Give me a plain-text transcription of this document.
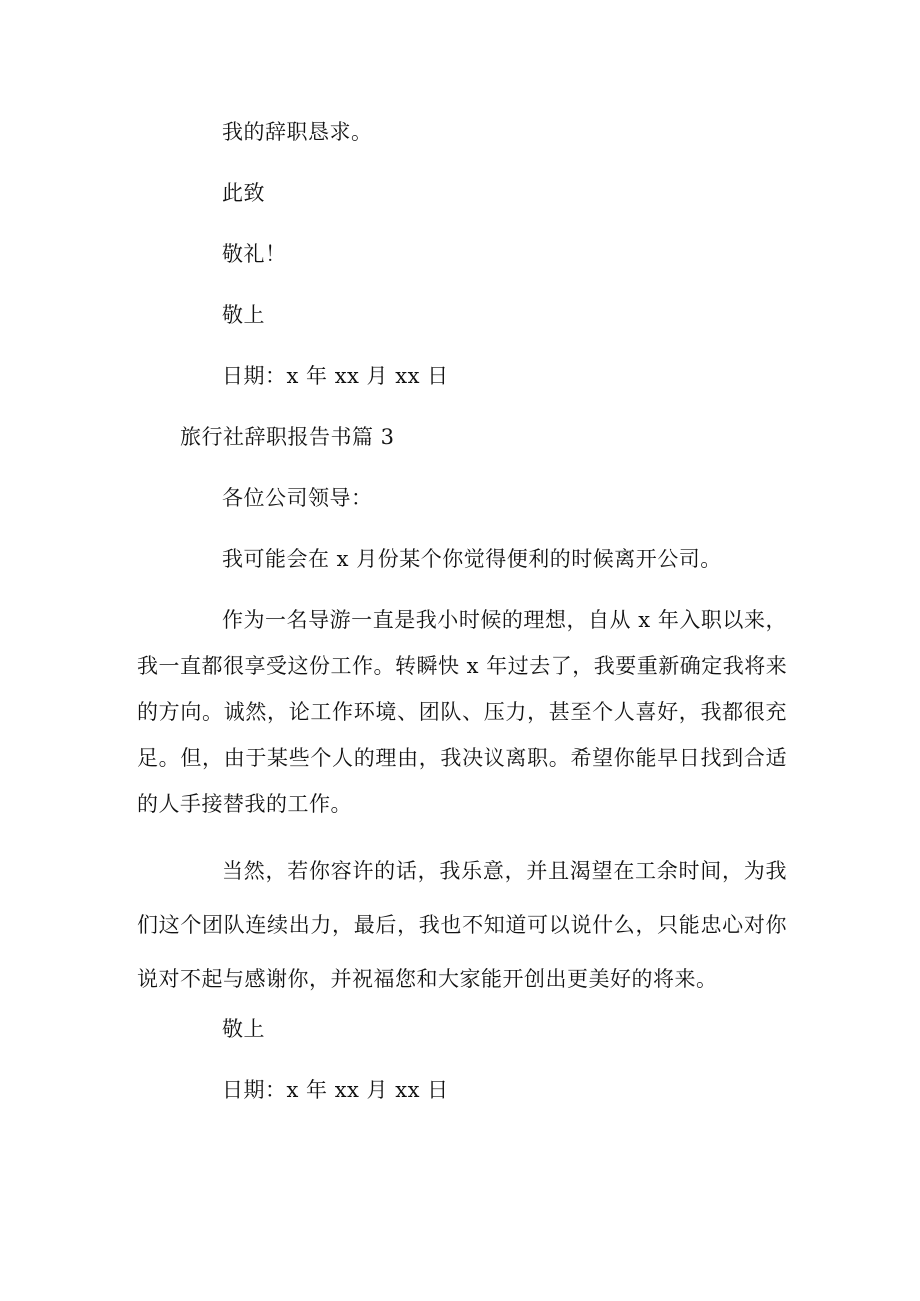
我的辞职恳求。
此致
敬礼！
敬上
日期：x 年 xx 月 xx 日
旅行社辞职报告书篇 3
各位公司领导：
我可能会在 x 月份某个你觉得便利的时候离开公司。
作为一名导游一直是我小时候的理想，自从 x 年入职以来，
我一直都很享受这份工作。转瞬快 x 年过去了，我要重新确定我将来
的方向。诚然，论工作环境、团队、压力，甚至个人喜好，我都很充
足。但，由于某些个人的理由，我决议离职。希望你能早日找到合适
的人手接替我的工作。
当然，若你容许的话，我乐意，并且渴望在工余时间，为我
们这个团队连续出力，最后，我也不知道可以说什么，只能忠心对你
说对不起与感谢你，并祝福您和大家能开创出更美好的将来。
敬上
日期：x 年 xx 月 xx 日
